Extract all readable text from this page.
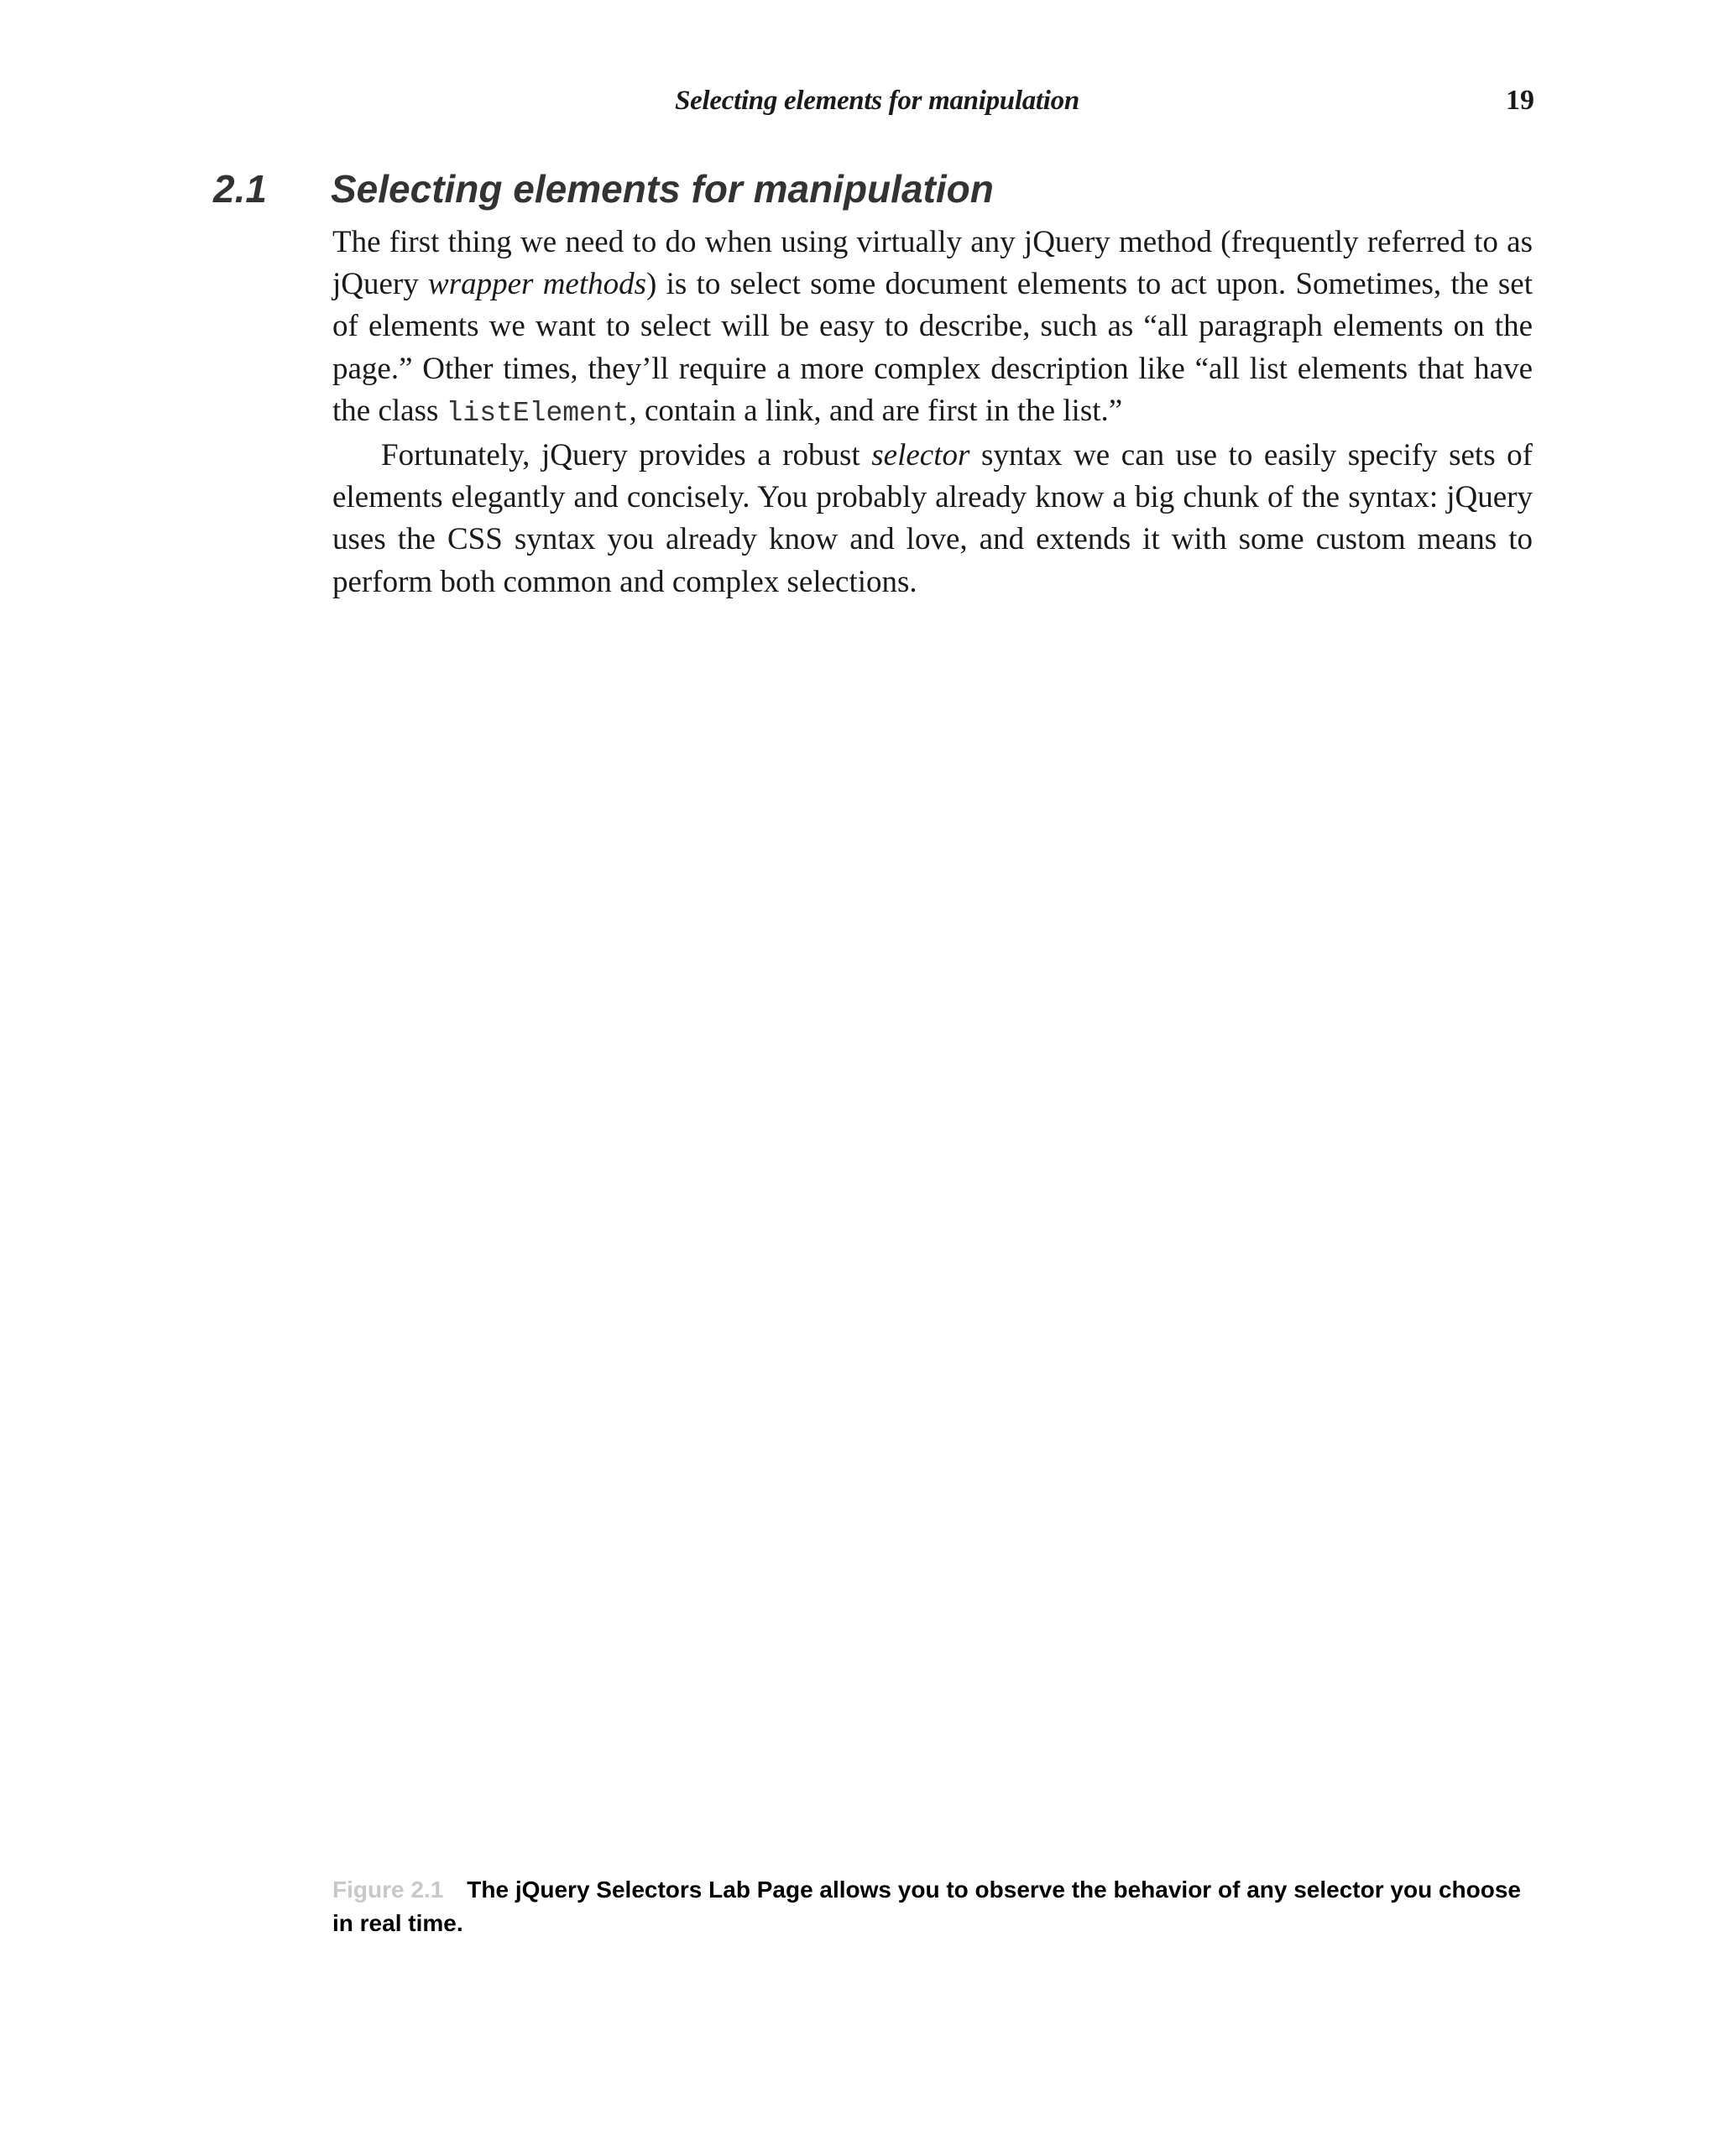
Selecting elements for manipulation	19
2.1 Selecting elements for manipulation

The first thing we need to do when using virtually any jQuery method (frequently referred to as jQuery wrapper methods) is to select some document elements to act upon. Sometimes, the set of elements we want to select will be easy to describe, such as “all paragraph elements on the page.” Other times, they’ll require a more complex description like “all list elements that have the class listElement, contain a link, and are first in the list.”

Fortunately, jQuery provides a robust selector syntax we can use to easily specify sets of elements elegantly and concisely. You probably already know a big chunk of the syntax: jQuery uses the CSS syntax you already know and love, and extends it with some custom means to perform both common and complex selections.

Figure 2.1 The jQuery Selectors Lab Page allows you to observe the behavior of any selector you choose in real time.
